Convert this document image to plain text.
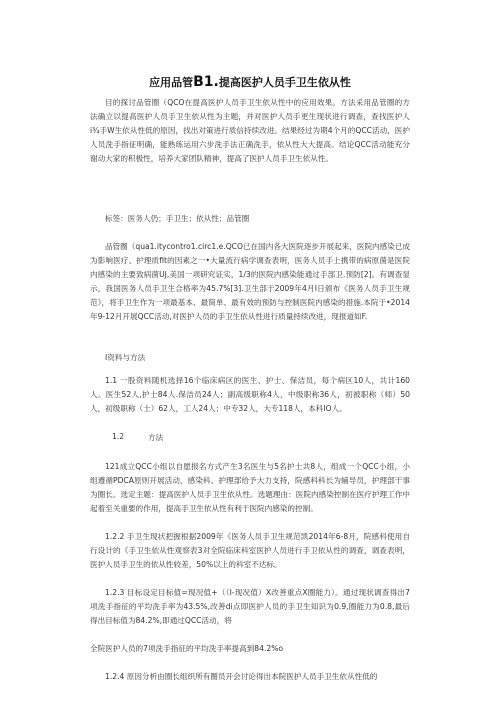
应用品管B1.提高医护人员手卫生依从性

目的探讨品管圈（QCO在提高医护人员手卫生依从性中的应用效果。方法采用品管圈的方法确立以提高医护人员手卫生依从性为主题，并对医护人员手更生现状进行调查，查找医护人i¾手W生依从性低的原因，找出对策进行质信持续改进。结果经过为期4个月的QCC活动，医护人员洗手指征明确，能熟练运用六步洗手法正确洗手，依从性大大提高。结论QCC活动能充分谢动大家的积极性，培养大家团队精神，提高了医护人员手卫生依从性。

标签：医务人仍；手卫生；依从性；品管圈

品管圈（qua1.itycontro1.circ1.e.QCO已在国内各大医院逐步开展起来，医院内感染已成为影响医疗、护理质fit的因素之一•大量流行病学调查表明，医务人员手上携带的病原菌是医院内感染的主要致病菌UJ,美国一项研究证实，1/3的医院内感染能通过手部卫.预防[2]。有调查显示，我国医务人员手卫生合格率为45.7%[3].卫生部于2009年4月I日颁布《医务人员手卫生规范》，将手卫生作为一项最基本、最简单、最有效的预防与控制医院内感染的措施.本院于•2014年9-12月开展QCC活动,对医护人员的手卫生依从性进行质量持续改进，现报道如F.

I资料与方法

1.1 一股资料随机选择16个临床病区的医生、护士、保洁员，每个病区10人，共计160人。医生52人,护士84人.保洁员24人；副高级职称4人，中级职称36人，初被职称（师）50人，初级职称（士）62人，工人24人；中专32人，大专118人，本科IO人。

1.2	方法

121成立QCC小组以自愿报名方式产生3名医生与5名护士共8人，组成一个QCC小组，小组遵循PDCA原则开展活动，感染科、护理部给予大力支持，院感科科长为辅导员，护理部干事为圈长。选定主题：提高医护人员手卫生依从性。选题理由：医院内感染控制在医疗护理工作中起着至关重要的作用，提高手卫生依从性有利于医院内感染的控制。

1.2.2 手卫生现状把握根据2009年《医务人员手卫生规范凯2014年6-8月，院感科使用自行设计的《手卫生依从性观察表3对全院临床科室医护人员进行手卫依从性的调查，调查表明，医护人员手卫生的依从性较差，50%以上的科室不达标。

1.2.3 目标设定目标值=现况值+（（I-现况值）X改善重点X圈能力）。通过现状调查得出7项洗手指征的平均洗手率为43.5%,改善di点即医护人员的手卫生知识为0.9,圈能力为0.8,最后得出目标值为84.2%,即通过QCC活动，将

全院医护人员的7项洗手指征的平均洗手率提高到84.2%o

1.2.4 原因分析由圈长组织所有圈员开会讨论得出本院医护人员手卫生依从性低的
